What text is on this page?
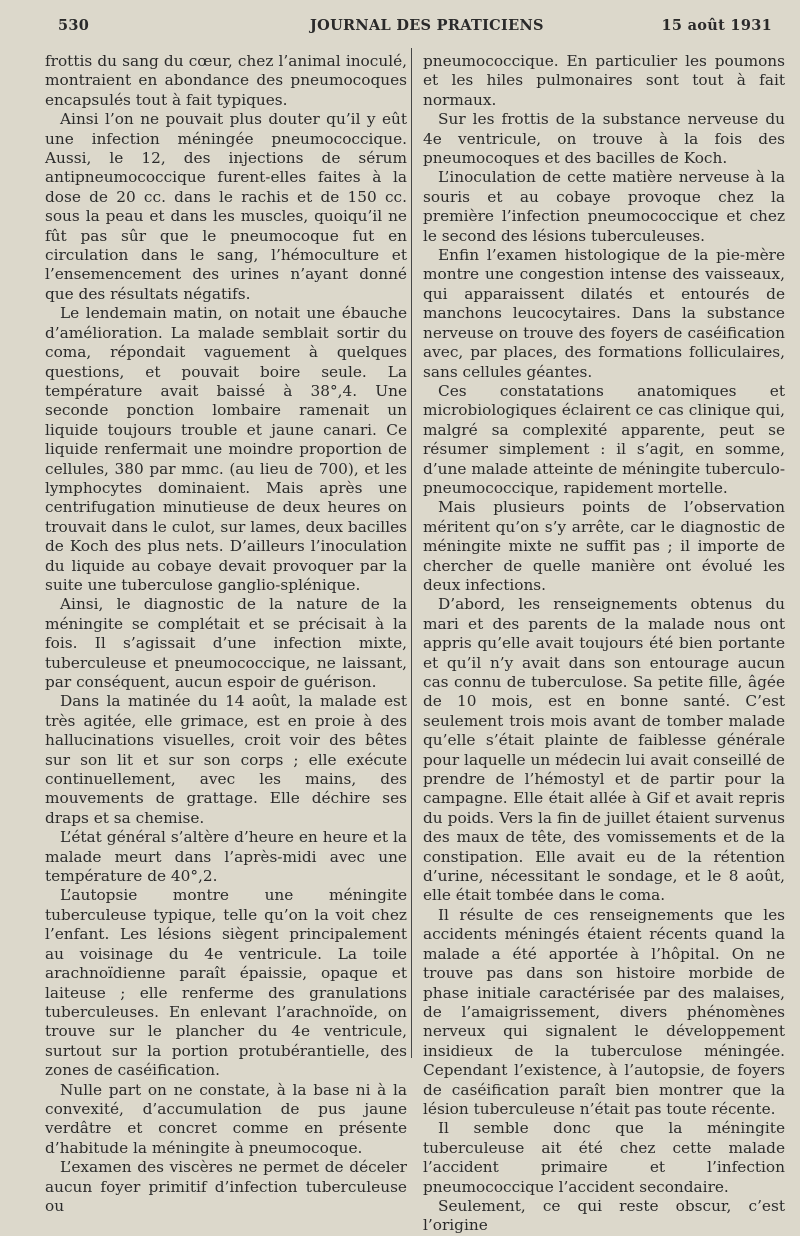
530	JOURNAL DES PRATICIENS	15 août 1931

frottis du sang du cœur, chez l’animal inoculé, montraient en abondance des pneumocoques encapsulés tout à fait typiques.

Ainsi l’on ne pouvait plus douter qu’il y eût une infection méningée pneumococcique. Aussi, le 12, des injections de sérum antipneumococcique furent-elles faites à la dose de 20 cc. dans le rachis et de 150 cc. sous la peau et dans les muscles, quoiqu’il ne fût pas sûr que le pneumocoque fut en circulation dans le sang, l’hémoculture et l’ensemencement des urines n’ayant donné que des résultats négatifs.

Le lendemain matin, on notait une ébauche d’amélioration. La malade semblait sortir du coma, répondait vaguement à quelques questions, et pouvait boire seule. La température avait baissé à 38°,4. Une seconde ponction lombaire ramenait un liquide toujours trouble et jaune canari. Ce liquide renfermait une moindre proportion de cellules, 380 par mmc. (au lieu de 700), et les lymphocytes dominaient. Mais après une centrifugation minutieuse de deux heures on trouvait dans le culot, sur lames, deux bacilles de Koch des plus nets. D’ailleurs l’inoculation du liquide au cobaye devait provoquer par la suite une tuberculose ganglio-splénique.

Ainsi, le diagnostic de la nature de la méningite se complétait et se précisait à la fois. Il s’agissait d’une infection mixte, tuberculeuse et pneumococcique, ne laissant, par conséquent, aucun espoir de guérison.

Dans la matinée du 14 août, la malade est très agitée, elle grimace, est en proie à des hallucinations visuelles, croit voir des bêtes sur son lit et sur son corps ; elle exécute continuellement, avec les mains, des mouvements de grattage. Elle déchire ses draps et sa chemise.

L’état général s’altère d’heure en heure et la malade meurt dans l’après-midi avec une température de 40°,2.

L’autopsie montre une méningite tuberculeuse typique, telle qu’on la voit chez l’enfant. Les lésions siègent principalement au voisinage du 4e ventricule. La toile arachnoïdienne paraît épaissie, opaque et laiteuse ; elle renferme des granulations tuberculeuses. En enlevant l’arachnoïde, on trouve sur le plancher du 4e ventricule, surtout sur la portion protubérantielle, des zones de caséification.

Nulle part on ne constate, à la base ni à la convexité, d’accumulation de pus jaune verdâtre et concret comme en présente d’habitude la méningite à pneumocoque.

L’examen des viscères ne permet de déceler aucun foyer primitif d’infection tuberculeuse ou

pneumococcique. En particulier les poumons et les hiles pulmonaires sont tout à fait normaux.

Sur les frottis de la substance nerveuse du 4e ventricule, on trouve à la fois des pneumocoques et des bacilles de Koch.

L’inoculation de cette matière nerveuse à la souris et au cobaye provoque chez la première l’infection pneumococcique et chez le second des lésions tuberculeuses.

Enfin l’examen histologique de la pie-mère montre une congestion intense des vaisseaux, qui apparaissent dilatés et entourés de manchons leucocytaires. Dans la substance nerveuse on trouve des foyers de caséification avec, par places, des formations folliculaires, sans cellules géantes.

Ces constatations anatomiques et microbiologiques éclairent ce cas clinique qui, malgré sa complexité apparente, peut se résumer simplement : il s’agit, en somme, d’une malade atteinte de méningite tuberculo-pneumococcique, rapidement mortelle.

Mais plusieurs points de l’observation méritent qu’on s’y arrête, car le diagnostic de méningite mixte ne suffit pas ; il importe de chercher de quelle manière ont évolué les deux infections.

D’abord, les renseignements obtenus du mari et des parents de la malade nous ont appris qu’elle avait toujours été bien portante et qu’il n’y avait dans son entourage aucun cas connu de tuberculose. Sa petite fille, âgée de 10 mois, est en bonne santé. C’est seulement trois mois avant de tomber malade qu’elle s’était plainte de faiblesse générale pour laquelle un médecin lui avait conseillé de prendre de l’hémostyl et de partir pour la campagne. Elle était allée à Gif et avait repris du poids. Vers la fin de juillet étaient survenus des maux de tête, des vomissements et de la constipation. Elle avait eu de la rétention d’urine, nécessitant le sondage, et le 8 août, elle était tombée dans le coma.

Il résulte de ces renseignements que les accidents méningés étaient récents quand la malade a été apportée à l’hôpital. On ne trouve pas dans son histoire morbide de phase initiale caractérisée par des malaises, de l’amaigrissement, divers phénomènes nerveux qui signalent le développement insidieux de la tuberculose méningée. Cependant l’existence, à l’autopsie, de foyers de caséification paraît bien montrer que la lésion tuberculeuse n’était pas toute récente.

Il semble donc que la méningite tuberculeuse ait été chez cette malade l’accident primaire et l’infection pneumococcique l’accident secondaire.

Seulement, ce qui reste obscur, c’est l’origine
